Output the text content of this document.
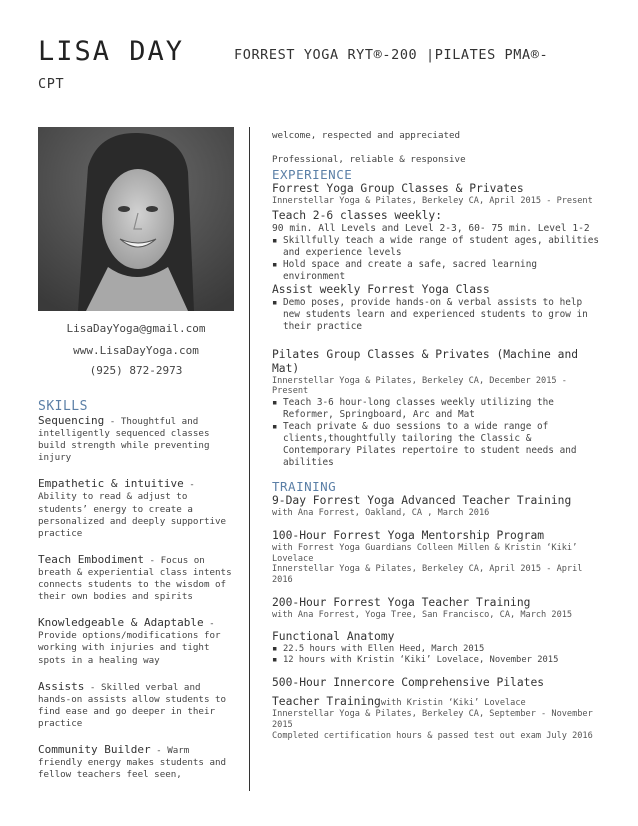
LISA DAY	FORREST YOGA RYT®-200 |PILATES PMA®-
CPT
LisaDayYoga@gmail.com
www.LisaDayYoga.com
(925) 872-2973
SKILLS
Sequencing - Thoughtful and intelligently sequenced classes build strength while preventing injury
Empathetic & intuitive - Ability to read & adjust to students’ energy to create a personalized and deeply supportive practice
Teach Embodiment - Focus on breath & experiential class intents connects students to the wisdom of their own bodies and spirits
Knowledgeable & Adaptable - Provide options/modifications for working with injuries and tight spots in a healing way
Assists - Skilled verbal and hands-on assists allow students to find ease and go deeper in their practice
Community Builder - Warm friendly energy makes students and fellow teachers feel seen,
welcome, respected and appreciated
Professional, reliable & responsive
EXPERIENCE
Forrest Yoga Group Classes & Privates
Innerstellar Yoga & Pilates, Berkeley CA, April 2015 - Present
Teach 2-6 classes weekly:
90 min. All Levels and Level 2-3, 60- 75 min. Level 1-2
▪ Skillfully teach a wide range of student ages, abilities and experience levels
▪ Hold space and create a safe, sacred learning environment
Assist weekly Forrest Yoga Class
▪ Demo poses, provide hands-on & verbal assists to help new students learn and experienced students to grow in their practice
Pilates Group Classes & Privates (Machine and Mat)
Innerstellar Yoga & Pilates, Berkeley CA, December 2015 - Present
▪ Teach 3-6 hour-long classes weekly utilizing the Reformer, Springboard, Arc and Mat
▪ Teach private & duo sessions to a wide range of clients,thoughtfully tailoring the Classic & Contemporary Pilates repertoire to student needs and abilities
TRAINING
9-Day Forrest Yoga Advanced Teacher Training
with Ana Forrest, Oakland, CA , March 2016
100-Hour Forrest Yoga Mentorship Program
with Forrest Yoga Guardians Colleen Millen & Kristin ‘Kiki’ Lovelace
Innerstellar Yoga & Pilates, Berkeley CA, April 2015 - April 2016
200-Hour Forrest Yoga Teacher Training
with Ana Forrest, Yoga Tree, San Francisco, CA, March 2015
Functional Anatomy
▪ 22.5 hours with Ellen Heed, March 2015
▪ 12 hours with Kristin ‘Kiki’ Lovelace, November 2015
500-Hour Innercore Comprehensive Pilates
Teacher Trainingwith Kristin ‘Kiki’ Lovelace
Innerstellar Yoga & Pilates, Berkeley CA, September - November 2015
Completed certification hours & passed test out exam July 2016
